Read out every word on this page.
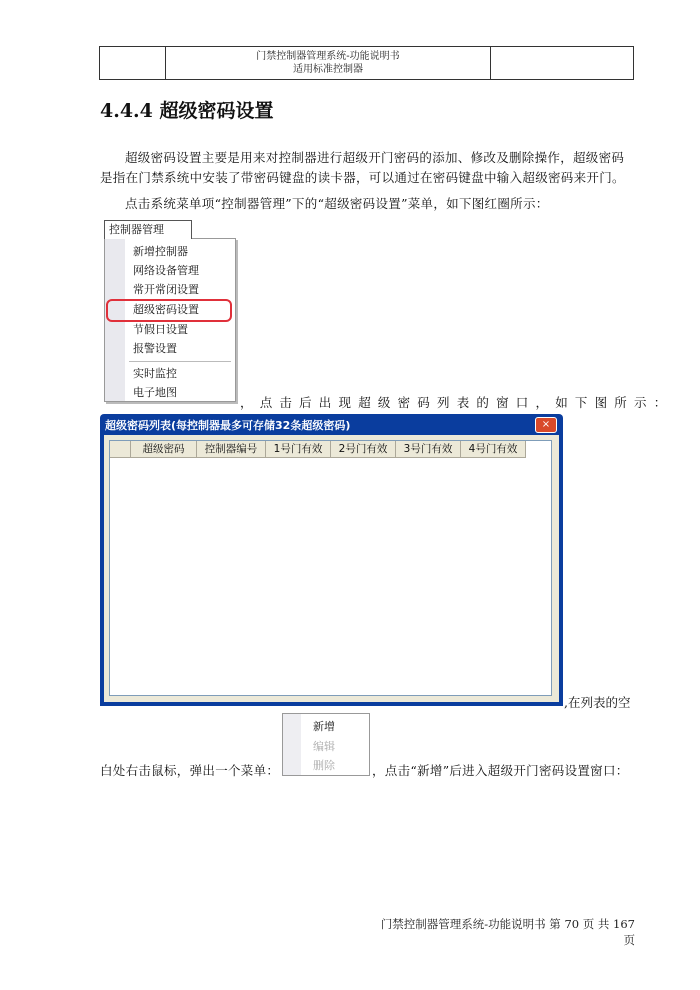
门禁控制器管理系统-功能说明书
适用标准控制器

4.4.4 超级密码设置
超级密码设置主要是用来对控制器进行超级开门密码的添加、修改及删除操作，超级密码是指在门禁系统中安装了带密码键盘的读卡器，可以通过在密码键盘中输入超级密码来开门。
点击系统菜单项“控制器管理”下的“超级密码设置”菜单，如下图红圈所示：
控制器管理
新增控制器
网络设备管理
常开常闭设置
超级密码设置
节假日设置
报警设置
实时监控
电子地图
，点击后出现超级密码列表的窗口，如下图所示：
超级密码列表(每控制器最多可存储32条超级密码)	×
超级密码	控制器编号	1号门有效	2号门有效	3号门有效	4号门有效
,在列表的空
新增
编辑
删除
白处右击鼠标，弹出一个菜单：	，点击“新增”后进入超级开门密码设置窗口：
门禁控制器管理系统-功能说明书 第 70 页 共 167 页
